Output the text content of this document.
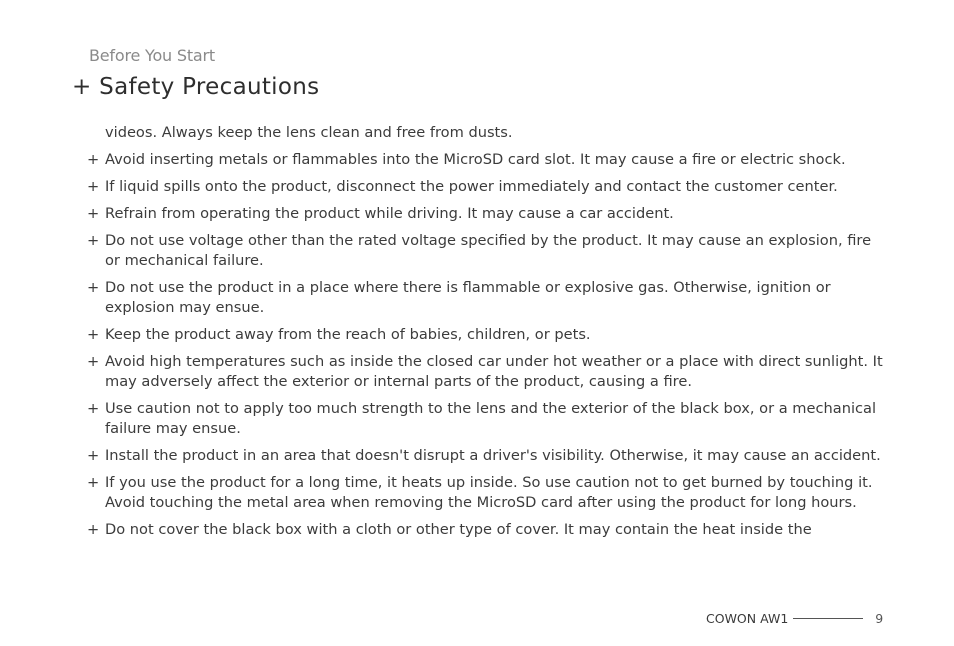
Before You Start
+ Safety Precautions
videos. Always keep the lens clean and free from dusts.
+ Avoid inserting metals or flammables into the MicroSD card slot. It may cause a fire or electric shock.
+ If liquid spills onto the product, disconnect the power immediately and contact the customer center.
+ Refrain from operating the product while driving. It may cause a car accident.
+ Do not use voltage other than the rated voltage specified by the product. It may cause an explosion, fire or mechanical failure.
+ Do not use the product in a place where there is flammable or explosive gas. Otherwise, ignition or explosion may ensue.
+ Keep the product away from the reach of babies, children, or pets.
+ Avoid high temperatures such as inside the closed car under hot weather or a place with direct sunlight. It may adversely affect the exterior or internal parts of the product, causing a fire.
+ Use caution not to apply too much strength to the lens and the exterior of the black box, or a mechanical failure may ensue.
+ Install the product in an area that doesn't disrupt a driver's visibility. Otherwise, it may cause an accident.
+ If you use the product for a long time, it heats up inside. So use caution not to get burned by touching it. Avoid touching the metal area when removing the MicroSD card after using the product for long hours.
+ Do not cover the black box with a cloth or other type of cover. It may contain the heat inside the
COWON AW1	9
